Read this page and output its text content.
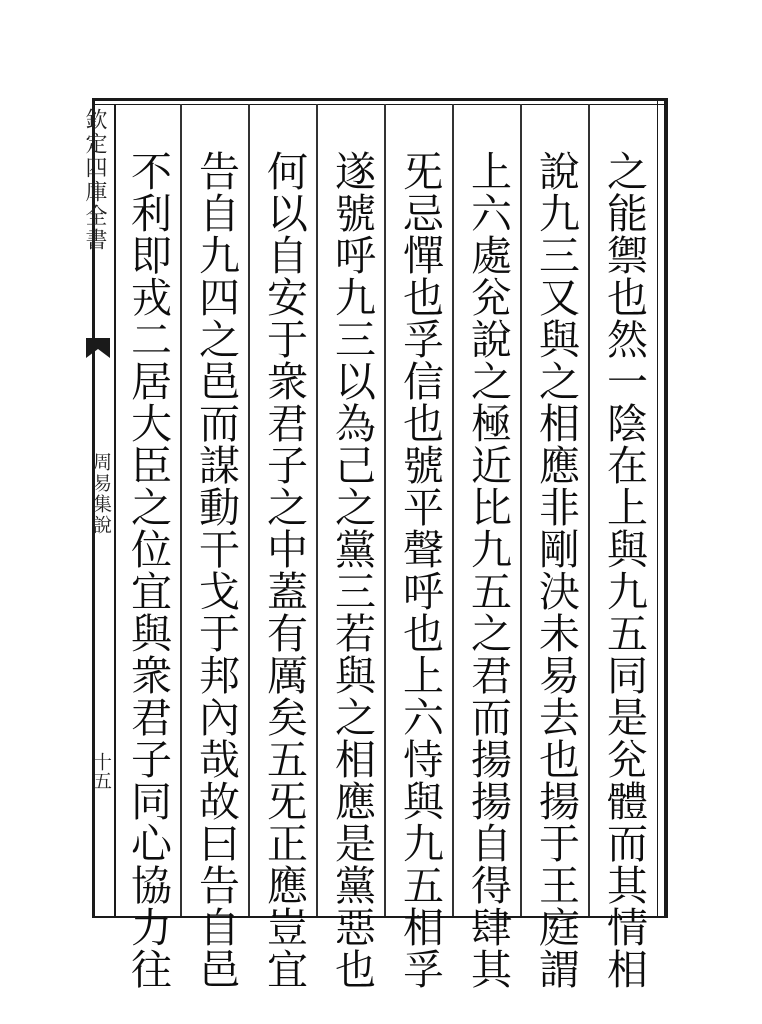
欽定四庫全書
周易集說
十五	之能禦也然一陰在上與九五同是兊體而其情相
說九三又與之相應非剛決未易去也揚于王庭謂
上六處兊說之極近比九五之君而揚揚自得肆其
旡忌憚也孚信也號平聲呼也上六恃與九五相孚
遂號呼九三以為己之黨三若與之相應是黨惡也
何以自安于衆君子之中蓋有厲矣五旡正應豈宜
告自九四之邑而謀動干戈于邦內哉故曰告自邑
不利即戎二居大臣之位宜與衆君子同心協力往
